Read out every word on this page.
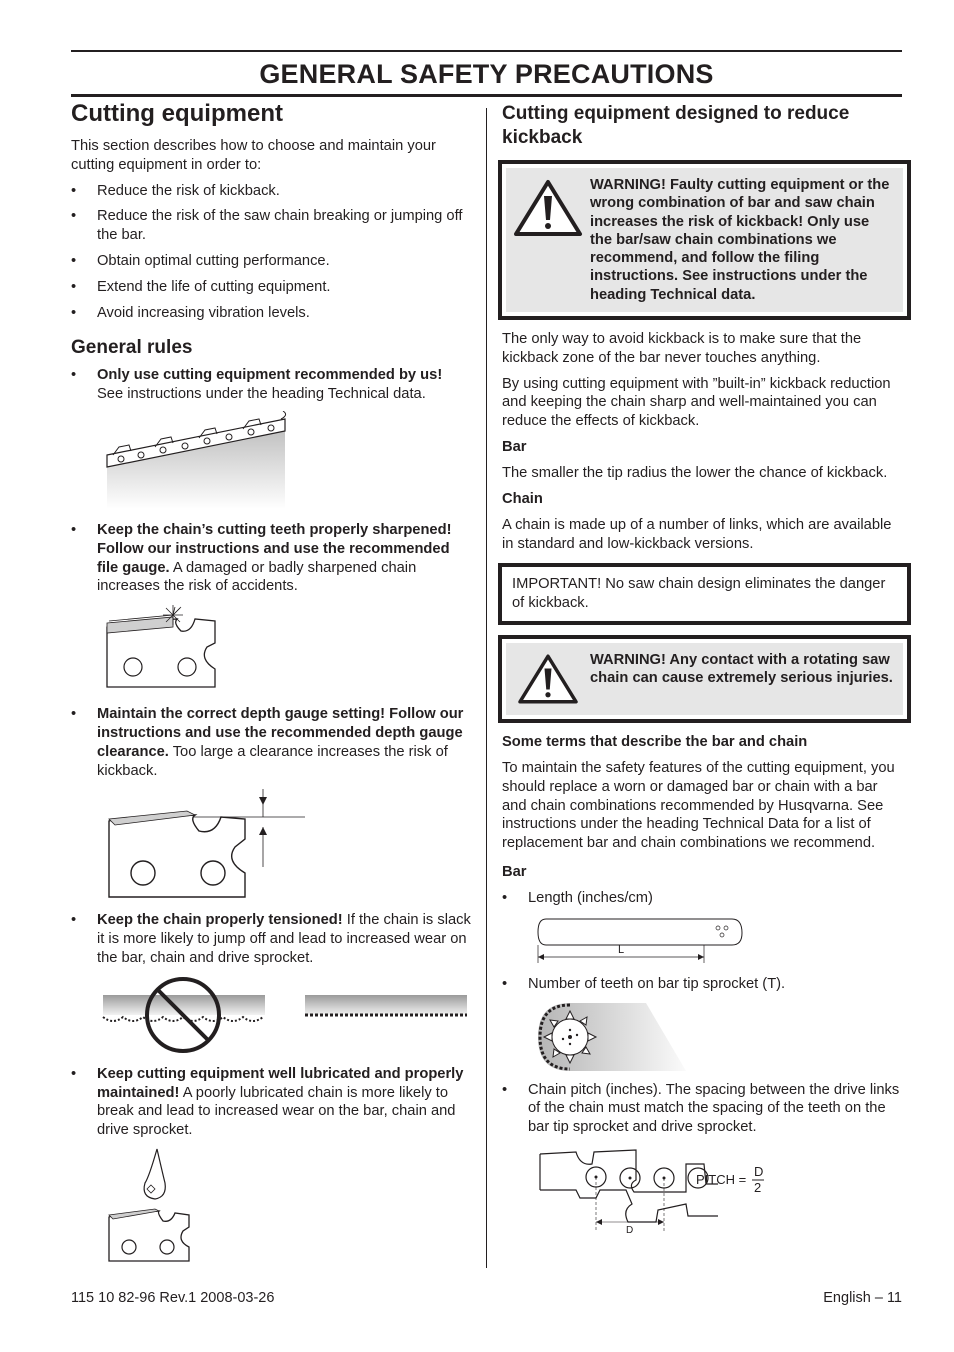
GENERAL SAFETY PRECAUTIONS
Cutting equipment

This section describes how to choose and maintain your cutting equipment in order to:

• Reduce the risk of kickback.
• Reduce the risk of the saw chain breaking or jumping off the bar.
• Obtain optimal cutting performance.
• Extend the life of cutting equipment.
• Avoid increasing vibration levels.
General rules
• Only use cutting equipment recommended by us! See instructions under the heading Technical data.
• Keep the chain’s cutting teeth properly sharpened! Follow our instructions and use the recommended file gauge. A damaged or badly sharpened chain increases the risk of accidents.
• Maintain the correct depth gauge setting! Follow our instructions and use the recommended depth gauge clearance. Too large a clearance increases the risk of kickback.
• Keep the chain properly tensioned! If the chain is slack it is more likely to jump off and lead to increased wear on the bar, chain and drive sprocket.
• Keep cutting equipment well lubricated and properly maintained! A poorly lubricated chain is more likely to break and lead to increased wear on the bar, chain and drive sprocket.
Cutting equipment designed to reduce kickback
WARNING! Faulty cutting equipment or the wrong combination of bar and saw chain increases the risk of kickback! Only use the bar/saw chain combinations we recommend, and follow the filing instructions. See instructions under the heading Technical data.

The only way to avoid kickback is to make sure that the kickback zone of the bar never touches anything.

By using cutting equipment with ”built-in” kickback reduction and keeping the chain sharp and well-maintained you can reduce the effects of kickback.

Bar

The smaller the tip radius the lower the chance of kickback.

Chain

A chain is made up of a number of links, which are available in standard and low-kickback versions.

IMPORTANT! No saw chain design eliminates the danger of kickback.
WARNING! Any contact with a rotating saw chain can cause extremely serious injuries.
Some terms that describe the bar and chain

To maintain the safety features of the cutting equipment, you should replace a worn or damaged bar or chain with a bar and chain combinations recommended by Husqvarna. See instructions under the heading Technical Data for a list of replacement bar and chain combinations we recommend.

Bar
• Length (inches/cm)
L
• Number of teeth on bar tip sprocket (T).
• Chain pitch (inches). The spacing between the drive links of the chain must match the spacing of the teeth on the bar tip sprocket and drive sprocket.
D
PITCH =
D
2
115 10 82-96 Rev.1 2008-03-26	English – 11
